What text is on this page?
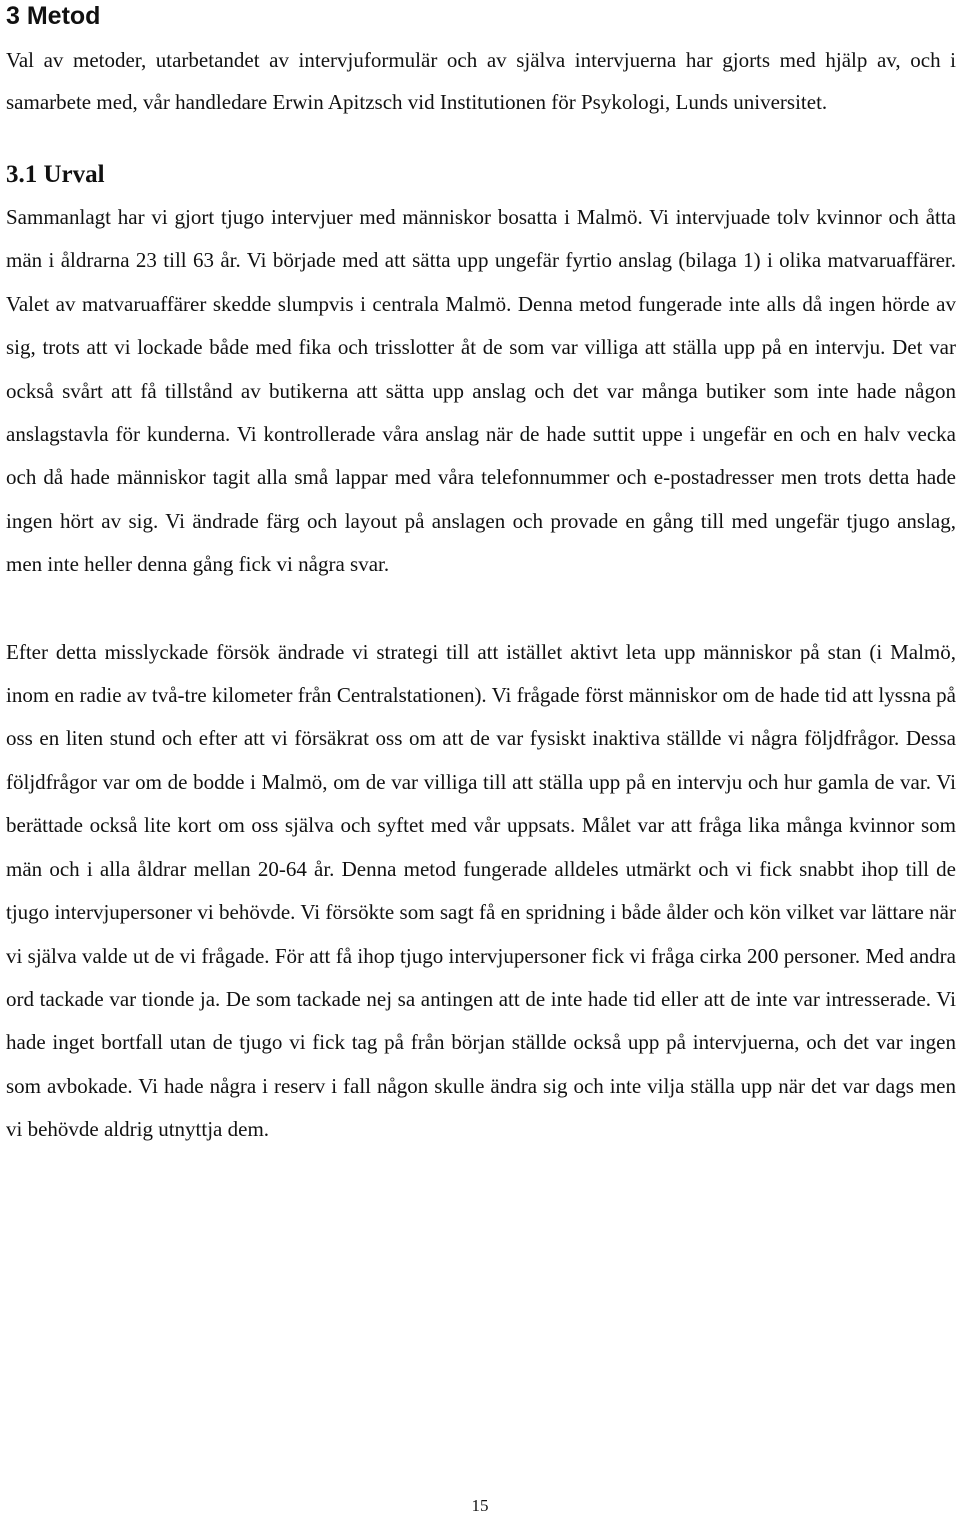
3 Metod

Val av metoder, utarbetandet av intervjuformulär och av själva intervjuerna har gjorts med hjälp av, och i samarbete med, vår handledare Erwin Apitzsch vid Institutionen för Psykologi, Lunds universitet.

3.1 Urval

Sammanlagt har vi gjort tjugo intervjuer med människor bosatta i Malmö. Vi intervjuade tolv kvinnor och åtta män i åldrarna 23 till 63 år. Vi började med att sätta upp ungefär fyrtio anslag (bilaga 1) i olika matvaruaffärer. Valet av matvaruaffärer skedde slumpvis i centrala Malmö. Denna metod fungerade inte alls då ingen hörde av sig, trots att vi lockade både med fika och trisslotter åt de som var villiga att ställa upp på en intervju. Det var också svårt att få tillstånd av butikerna att sätta upp anslag och det var många butiker som inte hade någon anslagstavla för kunderna. Vi kontrollerade våra anslag när de hade suttit uppe i ungefär en och en halv vecka och då hade människor tagit alla små lappar med våra telefonnummer och e-postadresser men trots detta hade ingen hört av sig. Vi ändrade färg och layout på anslagen och provade en gång till med ungefär tjugo anslag, men inte heller denna gång fick vi några svar.

Efter detta misslyckade försök ändrade vi strategi till att istället aktivt leta upp människor på stan (i Malmö, inom en radie av två-tre kilometer från Centralstationen). Vi frågade först människor om de hade tid att lyssna på oss en liten stund och efter att vi försäkrat oss om att de var fysiskt inaktiva ställde vi några följdfrågor. Dessa följdfrågor var om de bodde i Malmö, om de var villiga till att ställa upp på en intervju och hur gamla de var. Vi berättade också lite kort om oss själva och syftet med vår uppsats. Målet var att fråga lika många kvinnor som män och i alla åldrar mellan 20-64 år. Denna metod fungerade alldeles utmärkt och vi fick snabbt ihop till de tjugo intervjupersoner vi behövde. Vi försökte som sagt få en spridning i både ålder och kön vilket var lättare när vi själva valde ut de vi frågade. För att få ihop tjugo intervjupersoner fick vi fråga cirka 200 personer. Med andra ord tackade var tionde ja. De som tackade nej sa antingen att de inte hade tid eller att de inte var intresserade. Vi hade inget bortfall utan de tjugo vi fick tag på från början ställde också upp på intervjuerna, och det var ingen som avbokade. Vi hade några i reserv i fall någon skulle ändra sig och inte vilja ställa upp när det var dags men vi behövde aldrig utnyttja dem.

15
